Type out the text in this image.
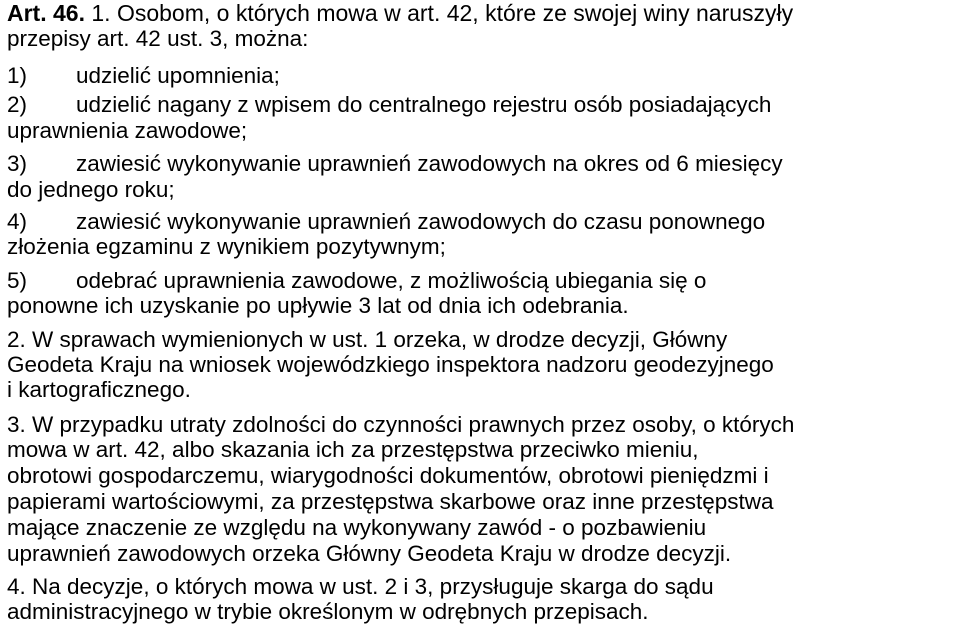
Art. 46. 1. Osobom, o których mowa w art. 42, które ze swojej winy naruszyły
przepisy art. 42 ust. 3, można:
1) udzielić upomnienia;
2) udzielić nagany z wpisem do centralnego rejestru osób posiadających
uprawnienia zawodowe;
3) zawiesić wykonywanie uprawnień zawodowych na okres od 6 miesięcy
do jednego roku;
4) zawiesić wykonywanie uprawnień zawodowych do czasu ponownego
złożenia egzaminu z wynikiem pozytywnym;
5) odebrać uprawnienia zawodowe, z możliwością ubiegania się o
ponowne ich uzyskanie po upływie 3 lat od dnia ich odebrania.
2. W sprawach wymienionych w ust. 1 orzeka, w drodze decyzji, Główny
Geodeta Kraju na wniosek wojewódzkiego inspektora nadzoru geodezyjnego
i kartograficznego.
3. W przypadku utraty zdolności do czynności prawnych przez osoby, o których
mowa w art. 42, albo skazania ich za przestępstwa przeciwko mieniu,
obrotowi gospodarczemu, wiarygodności dokumentów, obrotowi pieniędzmi i
papierami wartościowymi, za przestępstwa skarbowe oraz inne przestępstwa
mające znaczenie ze względu na wykonywany zawód - o pozbawieniu
uprawnień zawodowych orzeka Główny Geodeta Kraju w drodze decyzji.
4. Na decyzje, o których mowa w ust. 2 i 3, przysługuje skarga do sądu
administracyjnego w trybie określonym w odrębnych przepisach.
